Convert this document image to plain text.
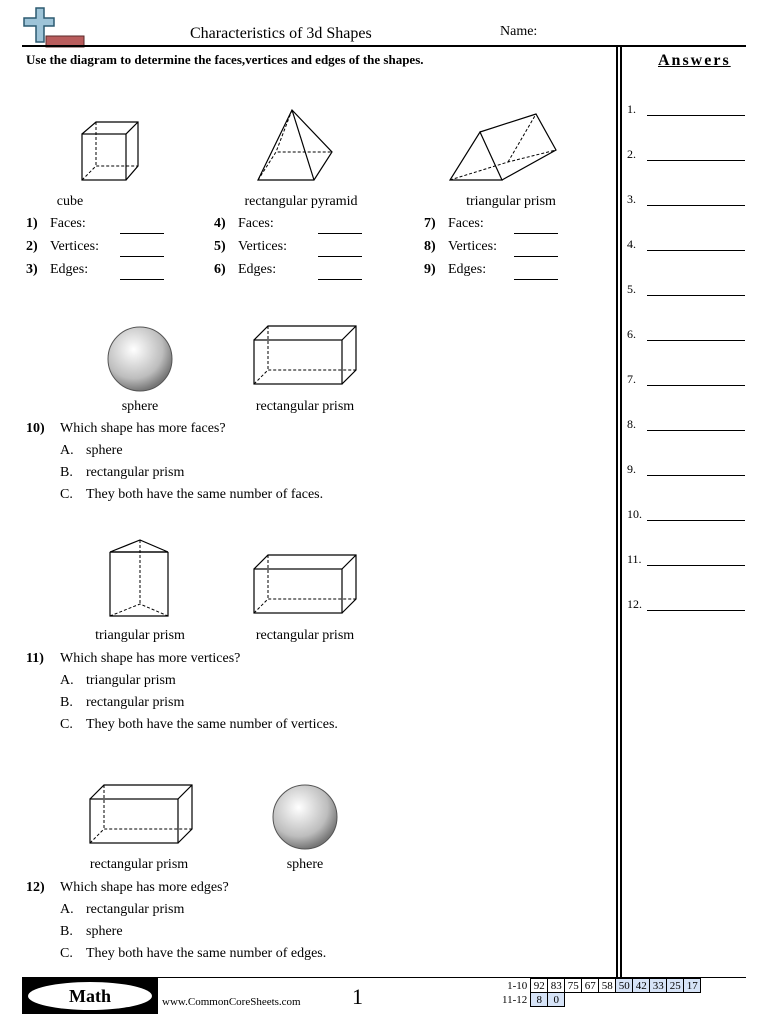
Characteristics of 3d Shapes	Name:
Use the diagram to determine the faces,vertices and edges of the shapes.	Answers
1.
2.
3.
4.
5.
6.
7.
8.
9.
10.
11.
12.
cube	rectangular pyramid	triangular prism
1) Faces:
2) Vertices:
3) Edges:
4) Faces:
5) Vertices:
6) Edges:
7) Faces:
8) Vertices:
9) Edges:
sphere	rectangular prism
10) Which shape has more faces?
A. sphere
B. rectangular prism
C. They both have the same number of faces.
triangular prism	rectangular prism
11) Which shape has more vertices?
A. triangular prism
B. rectangular prism
C. They both have the same number of vertices.
rectangular prism	sphere
12) Which shape has more edges?
A. rectangular prism
B. sphere
C. They both have the same number of edges.
Math	www.CommonCoreSheets.com 1	1-10	92	83	75	67	58	50	42	33	25	17
11-12	8	0								
